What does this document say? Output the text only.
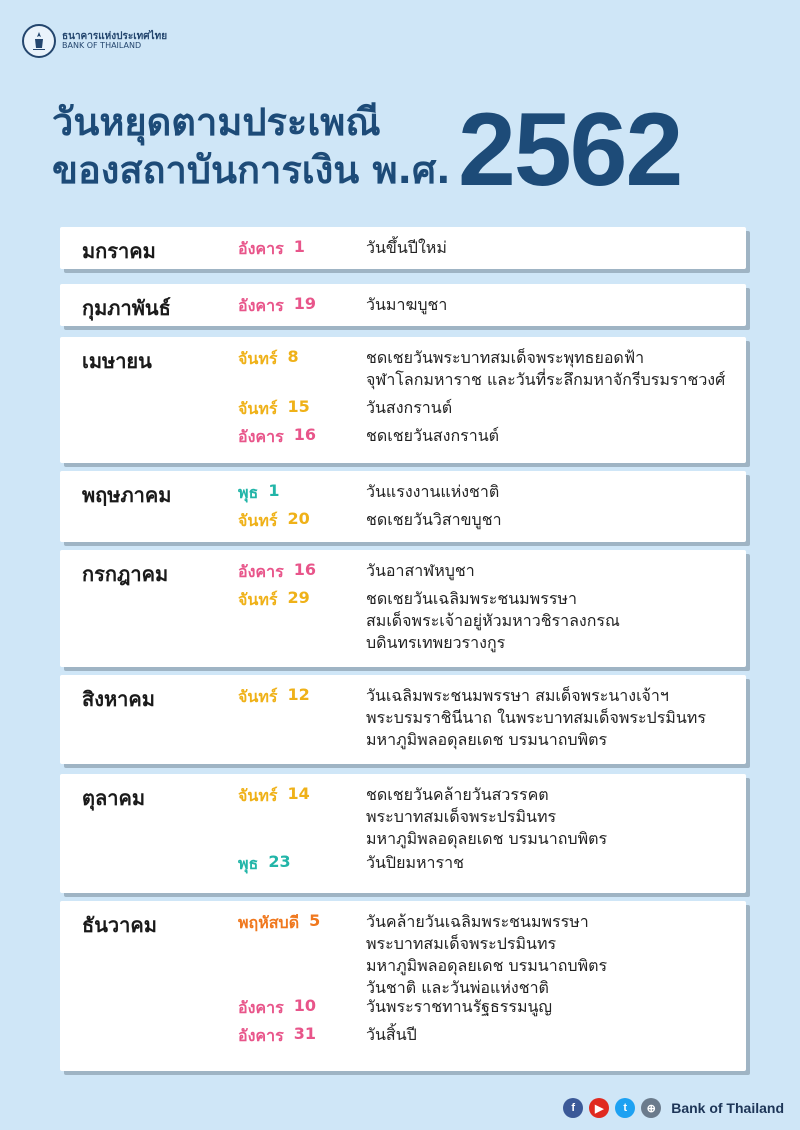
ธนาคารแห่งประเทศไทย
BANK OF THAILAND
วันหยุดตามประเพณี
ของสถาบันการเงิน พ.ศ. 2562
มกราคม	อังคาร 1	วันขึ้นปีใหม่
กุมภาพันธ์	อังคาร 19	วันมาฆบูชา
เมษายน	จันทร์ 8	ชดเชยวันพระบาทสมเด็จพระพุทธยอดฟ้า
จุฬาโลกมหาราช และวันที่ระลึกมหาจักรีบรมราชวงศ์
จันทร์ 15	วันสงกรานต์
อังคาร 16	ชดเชยวันสงกรานต์
พฤษภาคม	พุธ 1	วันแรงงานแห่งชาติ
จันทร์ 20	ชดเชยวันวิสาขบูชา
กรกฎาคม	อังคาร 16	วันอาสาฬหบูชา
จันทร์ 29	ชดเชยวันเฉลิมพระชนมพรรษา
สมเด็จพระเจ้าอยู่หัวมหาวชิราลงกรณ
บดินทรเทพยวรางกูร
สิงหาคม	จันทร์ 12	วันเฉลิมพระชนมพรรษา สมเด็จพระนางเจ้าฯ
พระบรมราชินีนาถ ในพระบาทสมเด็จพระปรมินทร
มหาภูมิพลอดุลยเดช บรมนาถบพิตร
ตุลาคม	จันทร์ 14	ชดเชยวันคล้ายวันสวรรคต
พระบาทสมเด็จพระปรมินทร
มหาภูมิพลอดุลยเดช บรมนาถบพิตร
พุธ 23	วันปิยมหาราช
ธันวาคม	พฤหัสบดี 5	วันคล้ายวันเฉลิมพระชนมพรรษา
พระบาทสมเด็จพระปรมินทร
มหาภูมิพลอดุลยเดช บรมนาถบพิตร
วันชาติ และวันพ่อแห่งชาติ
อังคาร 10	วันพระราชทานรัฐธรรมนูญ
อังคาร 31	วันสิ้นปี
f	▶	t	⊕	Bank of Thailand
